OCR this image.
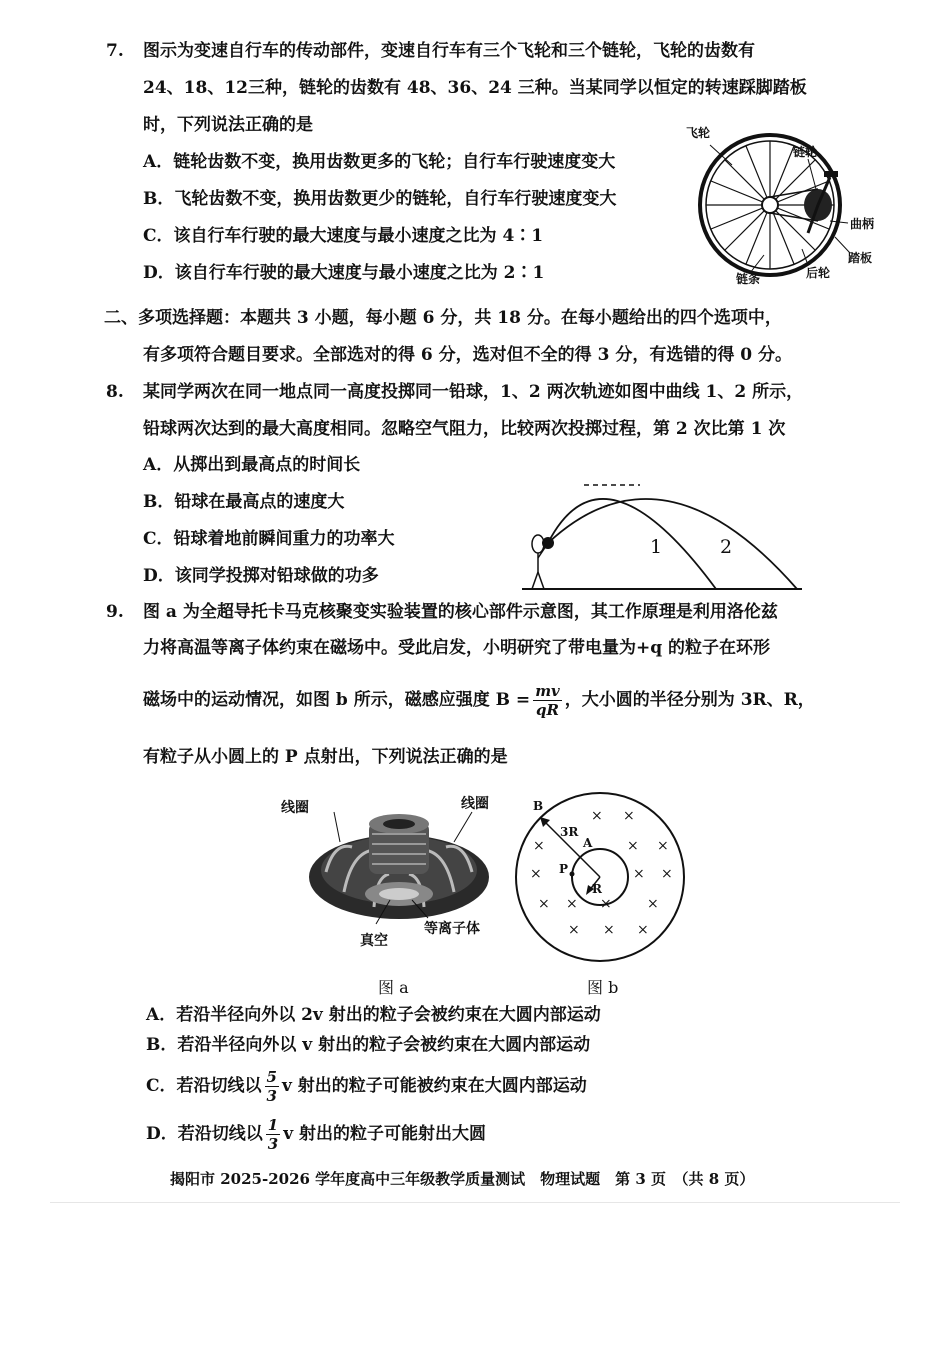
7. 图示为变速自行车的传动部件，变速自行车有三个飞轮和三个链轮，飞轮的齿数有
24、18、12三种，链轮的齿数有 48、36、24 三种。当某同学以恒定的转速踩脚踏板
时，下列说法正确的是
A．链轮齿数不变，换用齿数更多的飞轮；自行车行驶速度变大
B．飞轮齿数不变，换用齿数更少的链轮，自行车行驶速度变大
C．该自行车行驶的最大速度与最小速度之比为 4∶1
D．该自行车行驶的最大速度与最小速度之比为 2∶1
飞轮
链轮
曲柄
踏板
链条	后轮
二、多项选择题：本题共 3 小题，每小题 6 分，共 18 分。在每小题给出的四个选项中，
有多项符合题目要求。全部选对的得 6 分，选对但不全的得 3 分，有选错的得 0 分。
8. 某同学两次在同一地点同一高度投掷同一铅球，1、2 两次轨迹如图中曲线 1、2 所示，
铅球两次达到的最大高度相同。忽略空气阻力，比较两次投掷过程，第 2 次比第 1 次
A．从掷出到最高点的时间长
B．铅球在最高点的速度大
C．铅球着地前瞬间重力的功率大
D．该同学投掷对铅球做的功多
1	2
9. 图 a 为全超导托卡马克核聚变实验装置的核心部件示意图，其工作原理是利用洛伦兹
力将高温等离子体约束在磁场中。受此启发，小明研究了带电量为+q 的粒子在环形
磁场中的运动情况，如图 b 所示，磁感应强度 $B = \frac{mv}{qR}$ ，大小圆的半径分别为 3R、R，
有粒子从小圆上的 P 点射出，下列说法正确的是
线圈	线圈
真空
等离子体
图 a
B
3R
A
P
R
× ×
×	× ×
×	× ×
× × ×	×
× × ×
图 b
A．若沿半径向外以 2v 射出的粒子会被约束在大圆内部运动
B．若沿半径向外以 v 射出的粒子会被约束在大圆内部运动
C．若沿切线以 $\frac{5}{3}$ v 射出的粒子可能被约束在大圆内部运动
D．若沿切线以 $\frac{1}{3}$ v 射出的粒子可能射出大圆
揭阳市 2025-2026 学年度高中三年级教学质量测试　物理试题　第 3 页　（共 8 页）
